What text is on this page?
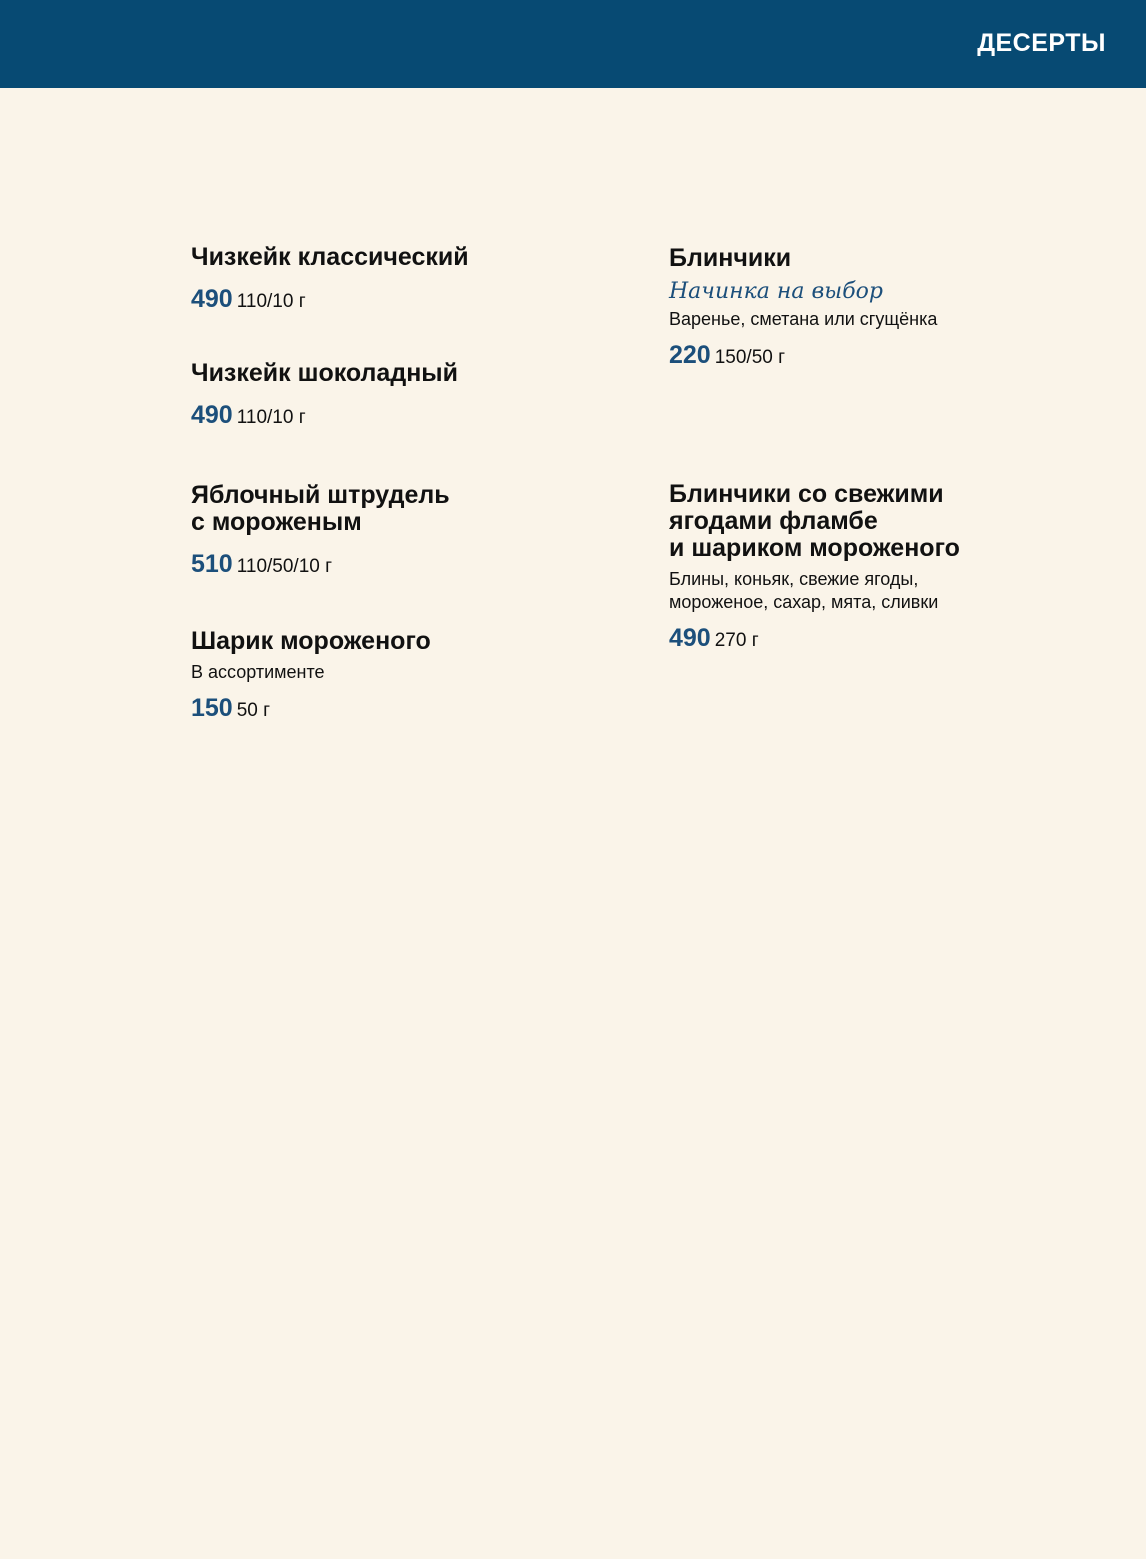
ДЕСЕРТЫ
Чизкейк классический
490 110/10 г
Чизкейк шоколадный
490 110/10 г
Яблочный штрудель
с мороженым
510 110/50/10 г
Шарик мороженого
В ассортименте
150 50 г
Блинчики
Начинка на выбор
Варенье, сметана или сгущёнка
220 150/50 г
Блинчики со свежими
ягодами фламбе
и шариком мороженого
Блины, коньяк, свежие ягоды,
мороженое, сахар, мята, сливки
490 270 г
